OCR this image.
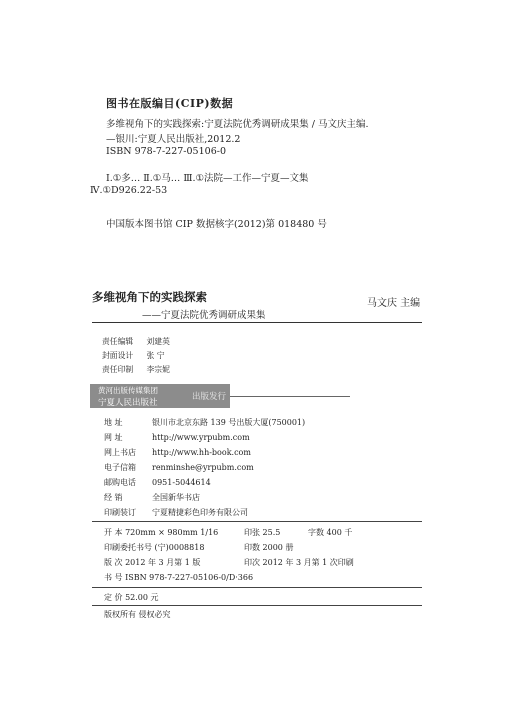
图书在版编目(CIP)数据
多维视角下的实践探索:宁夏法院优秀调研成果集 / 马文庆主编.
—银川:宁夏人民出版社,2012.2
ISBN 978-7-227-05106-0
Ⅰ.①多… Ⅱ.①马… Ⅲ.①法院—工作—宁夏—文集
Ⅳ.①D926.22-53
中国版本图书馆 CIP 数据核字(2012)第 018480 号
多维视角下的实践探索
——宁夏法院优秀调研成果集
马文庆 主编
责任编辑 刘建英
封面设计 张 宁
责任印制 李宗妮
黄河出版传媒集团
宁夏人民出版社
出版发行
地 址	银川市北京东路 139 号出版大厦(750001)
网 址	http://www.yrpubm.com
网上书店 http://www.hh-book.com
电子信箱 renminshe@yrpubm.com
邮购电话 0951-5044614
经 销	全国新华书店
印刷装订 宁夏精捷彩色印务有限公司
开 本 720mm × 980mm 1/16	印张 25.5	字数 400 千
印刷委托书号 (宁)0008818	印数 2000 册
版 次 2012 年 3 月第 1 版	印次 2012 年 3 月第 1 次印刷
书 号 ISBN 978-7-227-05106-0/D·366
定 价 52.00 元
版权所有 侵权必究
